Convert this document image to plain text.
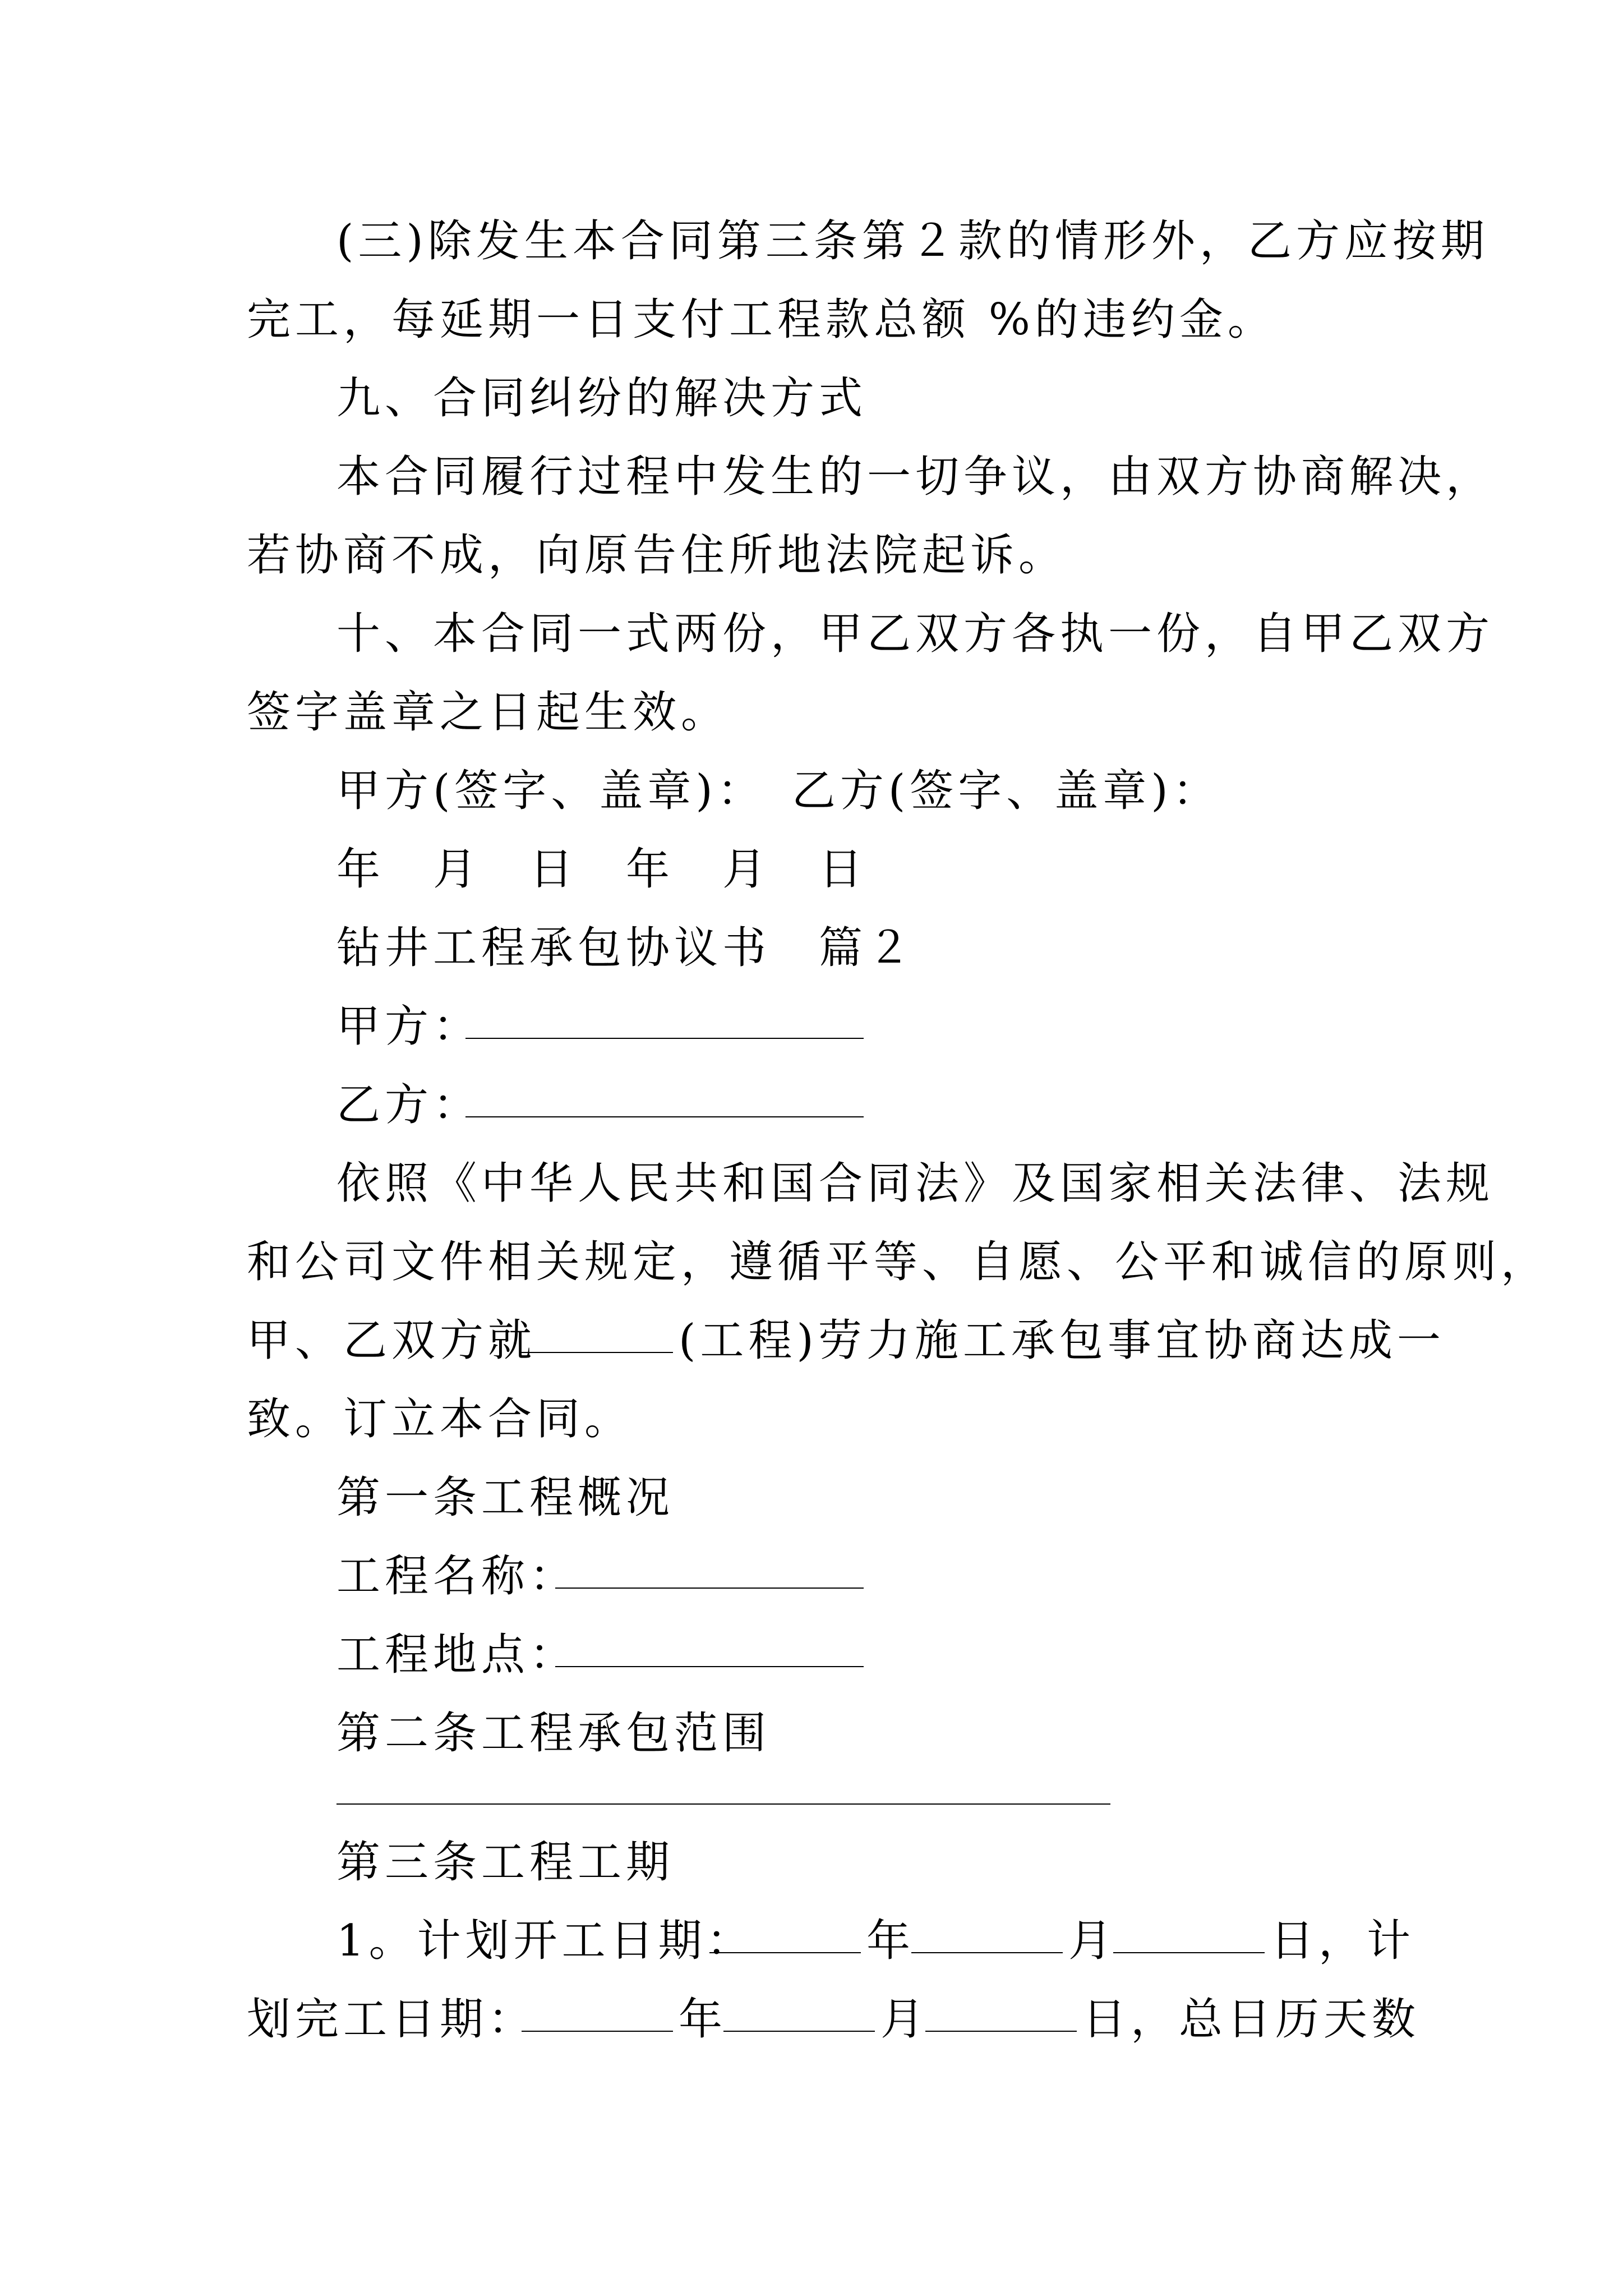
(三)除发生本合同第三条第２款的情形外，乙方应按期
完工，每延期一日支付工程款总额 %的违约金。
九、合同纠纷的解决方式
本合同履行过程中发生的一切争议，由双方协商解决，
若协商不成，向原告住所地法院起诉。
十、本合同一式两份，甲乙双方各执一份，自甲乙双方
签字盖章之日起生效。
甲方(签字、盖章)：　乙方(签字、盖章)：
年　月　日　年　月　日
钻井工程承包协议书　篇２
甲方：
乙方：
依照《中华人民共和国合同法》及国家相关法律、法规
和公司文件相关规定，遵循平等、自愿、公平和诚信的原则，
甲、乙双方就	(工程)劳力施工承包事宜协商达成一
致。订立本合同。
第一条工程概况
工程名称：
工程地点：
第二条工程承包范围
第三条工程工期
1。计划开工日期：	年	月	日，计
划完工日期：	年	月	日，总日历天数
